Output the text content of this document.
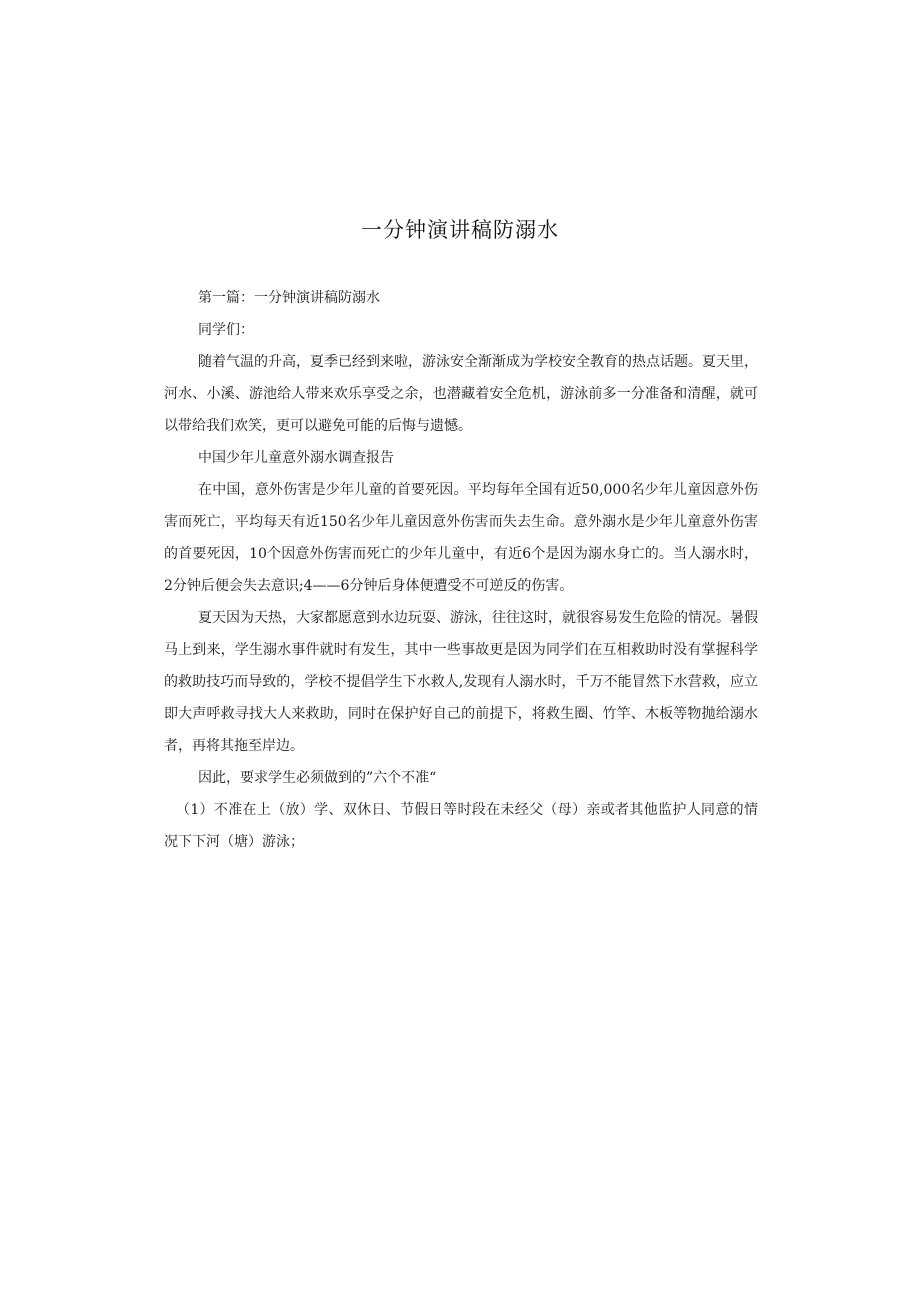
一分钟演讲稿防溺水

第一篇：一分钟演讲稿防溺水

同学们：

随着气温的升高，夏季已经到来啦，游泳安全渐渐成为学校安全教育的热点话题。夏天里，河水、小溪、游池给人带来欢乐享受之余，也潜藏着安全危机，游泳前多一分准备和清醒，就可以带给我们欢笑，更可以避免可能的后悔与遗憾。

中国少年儿童意外溺水调查报告

在中国，意外伤害是少年儿童的首要死因。平均每年全国有近50,000名少年儿童因意外伤害而死亡，平均每天有近150名少年儿童因意外伤害而失去生命。意外溺水是少年儿童意外伤害的首要死因，10个因意外伤害而死亡的少年儿童中，有近6个是因为溺水身亡的。当人溺水时，2分钟后便会失去意识;4——6分钟后身体便遭受不可逆反的伤害。

夏天因为天热，大家都愿意到水边玩耍、游泳，往往这时，就很容易发生危险的情况。暑假马上到来，学生溺水事件就时有发生，其中一些事故更是因为同学们在互相救助时没有掌握科学的救助技巧而导致的，学校不提倡学生下水救人,发现有人溺水时，千万不能冒然下水营救，应立即大声呼救寻找大人来救助，同时在保护好自己的前提下，将救生圈、竹竿、木板等物抛给溺水者，再将其拖至岸边。

因此，要求学生必须做到的”六个不准“

（1）不准在上（放）学、双休日、节假日等时段在未经父（母）亲或者其他监护人同意的情况下下河（塘）游泳；
